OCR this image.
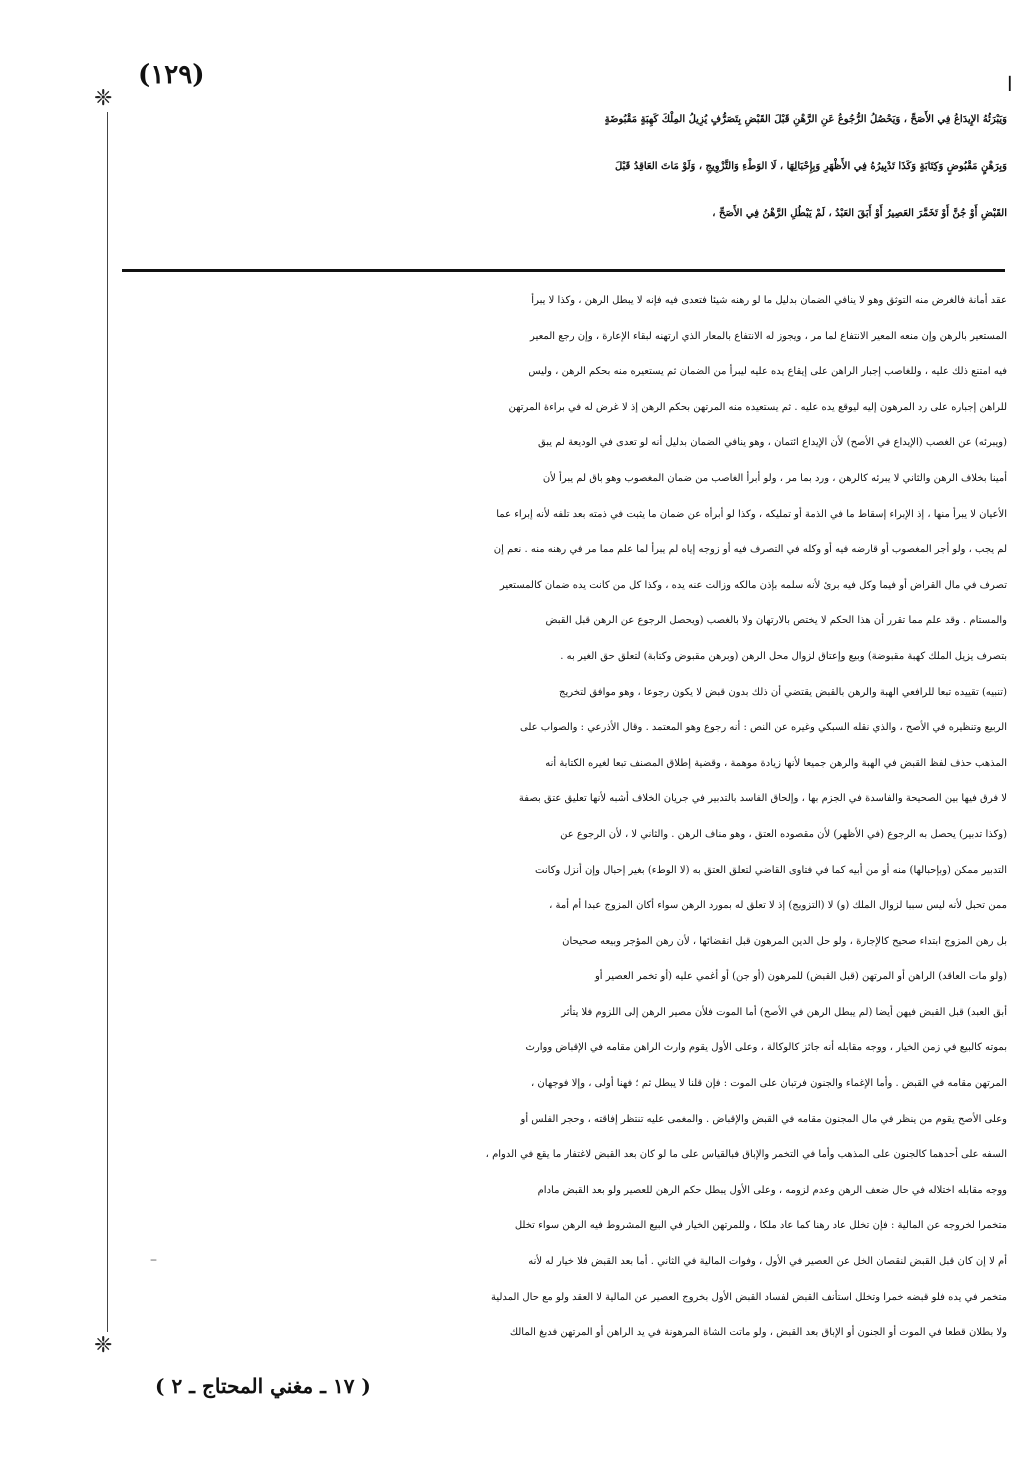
(١٢٩)	ا
❈
❈
–

وَيَبْرَئُهُ الإِيدَاعُ فِي الأَصَحِّ ، وَيَحْصُلُ الرُّجُوعُ عَنِ الرَّهْنِ قَبْلَ القَبْضِ بِتَصَرُّفٍ يُزِيلُ المِلْكَ كَهِبَةٍ مَقْبُوضَةٍ

وَبِرَهْنٍ مَقْبُوضٍ وَكِتَابَةٍ وَكَذَا تَدْبِيرُهُ فِي الأَظْهَرِ وَبِإِحْبَالِهَا ، لَا الوَطْءِ وَالتَّزْوِيجِ ، وَلَوْ مَاتَ العَاقِدُ قَبْلَ

القَبْضِ أَوْ جُنَّ أَوْ تَخَمَّرَ العَصِيرُ أَوْ أَبَقَ العَبْدُ ، لَمْ يَبْطُلِ الرَّهْنُ فِي الأَصَحِّ ،

عقد أمانة فالغرض منه التوثق وهو لا ينافي الضمان بدليل ما لو رهنه شيئا فتعدى فيه فإنه لا يبطل الرهن ، وكذا لا يبرأ

المستعير بالرهن وإن منعه المعير الانتفاع لما مر ، ويجوز له الانتفاع بالمعار الذي ارتهنه لبقاء الإعارة ، وإن رجع المعير

فيه امتنع ذلك عليه ، وللغاصب إجبار الراهن على إيقاع يده عليه ليبرأ من الضمان ثم يستعيره منه بحكم الرهن ، وليس

للراهن إجباره على رد المرهون إليه ليوقع يده عليه . ثم يستعيده منه المرتهن بحكم الرهن إذ لا غرض له في براءة المرتهن

(ويبرئه) عن الغصب (الإيداع في الأصح) لأن الإيداع ائتمان ، وهو ينافي الضمان بدليل أنه لو تعدى في الوديعة لم يبق

أمينا بخلاف الرهن والثاني لا يبرئه كالرهن ، ورد بما مر ، ولو أبرأ الغاصب من ضمان المغصوب وهو باق لم يبرأ لأن

الأعيان لا يبرأ منها ، إذ الإبراء إسقاط ما في الذمة أو تمليكه ، وكذا لو أبرأه عن ضمان ما يثبت في ذمته بعد تلفه لأنه إبراء عما

لم يجب ، ولو أجر المغصوب أو قارضه فيه أو وكله في التصرف فيه أو زوجه إياه لم يبرأ لما علم مما مر في رهنه منه . نعم إن

تصرف في مال القراض أو فيما وكل فيه برئ لأنه سلمه بإذن مالكه وزالت عنه يده ، وكذا كل من كانت يده ضمان كالمستعير

والمستام . وقد علم مما تقرر أن هذا الحكم لا يختص بالارتهان ولا بالغصب (ويحصل الرجوع عن الرهن قبل القبض

بتصرف يزيل الملك كهبة مقبوضة) وبيع وإعتاق لزوال محل الرهن (وبرهن مقبوض وكتابة) لتعلق حق الغير به .

(تنبيه) تقييده تبعا للرافعي الهبة والرهن بالقبض يقتضي أن ذلك بدون قبض لا يكون رجوعا ، وهو موافق لتخريج

الربيع وتنظيره في الأصح ، والذي نقله السبكي وغيره عن النص : أنه رجوع وهو المعتمد . وقال الأذرعي : والصواب على

المذهب حذف لفظ القبض في الهبة والرهن جميعا لأنها زيادة موهمة ، وقضية إطلاق المصنف تبعا لغيره الكتابة أنه

لا فرق فيها بين الصحيحة والفاسدة في الجزم بها ، وإلحاق الفاسد بالتدبير في جريان الخلاف أشبه لأنها تعليق عتق بصفة

(وكذا تدبير) يحصل به الرجوع (في الأظهر) لأن مقصوده العتق ، وهو مناف الرهن . والثاني لا ، لأن الرجوع عن

التدبير ممكن (وبإحبالها) منه أو من أبيه كما في فتاوى القاضي لتعلق العتق به (لا الوطء) بغير إحبال وإن أنزل وكانت

ممن تحبل لأنه ليس سببا لزوال الملك (و) لا (التزويج) إذ لا تعلق له بمورد الرهن سواء أكان المزوج عبدا أم أمة ،

بل رهن المزوج ابتداء صحيح كالإجارة ، ولو حل الدين المرهون قبل انقضائها ، لأن رهن المؤجر وبيعه صحيحان

(ولو مات العاقد) الراهن أو المرتهن (قبل القبض) للمرهون (أو جن) أو أغمي عليه (أو تخمر العصير أو

أبق العبد) قبل القبض فيهن أيضا (لم يبطل الرهن في الأصح) أما الموت فلأن مصير الرهن إلى اللزوم فلا يتأثر

بموته كالبيع في زمن الخيار ، ووجه مقابله أنه جائز كالوكالة ، وعلى الأول يقوم وارث الراهن مقامه في الإقباض ووارث

المرتهن مقامه في القبض . وأما الإغماء والجنون فرتبان على الموت : فإن قلنا لا يبطل ثم ؛ فهنا أولى ، وإلا فوجهان ،

وعلى الأصح يقوم من ينظر في مال المجنون مقامه في القبض والإقباض . والمغمى عليه تنتظر إفاقته ، وحجر الفلس أو

السفه على أحدهما كالجنون على المذهب وأما في التخمر والإباق فبالقياس على ما لو كان بعد القبض لاغتفار ما يقع في الدوام ،

ووجه مقابله اختلاله في حال ضعف الرهن وعدم لزومه ، وعلى الأول يبطل حكم الرهن للعصير ولو بعد القبض مادام

متخمرا لخروجه عن المالية : فإن تخلل عاد رهنا كما عاد ملكا ، وللمرتهن الخيار في البيع المشروط فيه الرهن سواء تخلل

أم لا إن كان قبل القبض لنقصان الخل عن العصير في الأول ، وفوات المالية في الثاني . أما بعد القبض فلا خيار له لأنه

متخمر في يده فلو قبضه خمرا وتخلل استأنف القبض لفساد القبض الأول بخروج العصير عن المالية لا العقد ولو مع حال المدلية

ولا بطلان قطعا في الموت أو الجنون أو الإباق بعد القبض ، ولو ماتت الشاة المرهونة في يد الراهن أو المرتهن فدبغ المالك

( ١٧ ـ مغني المحتاج ـ ٢ )
